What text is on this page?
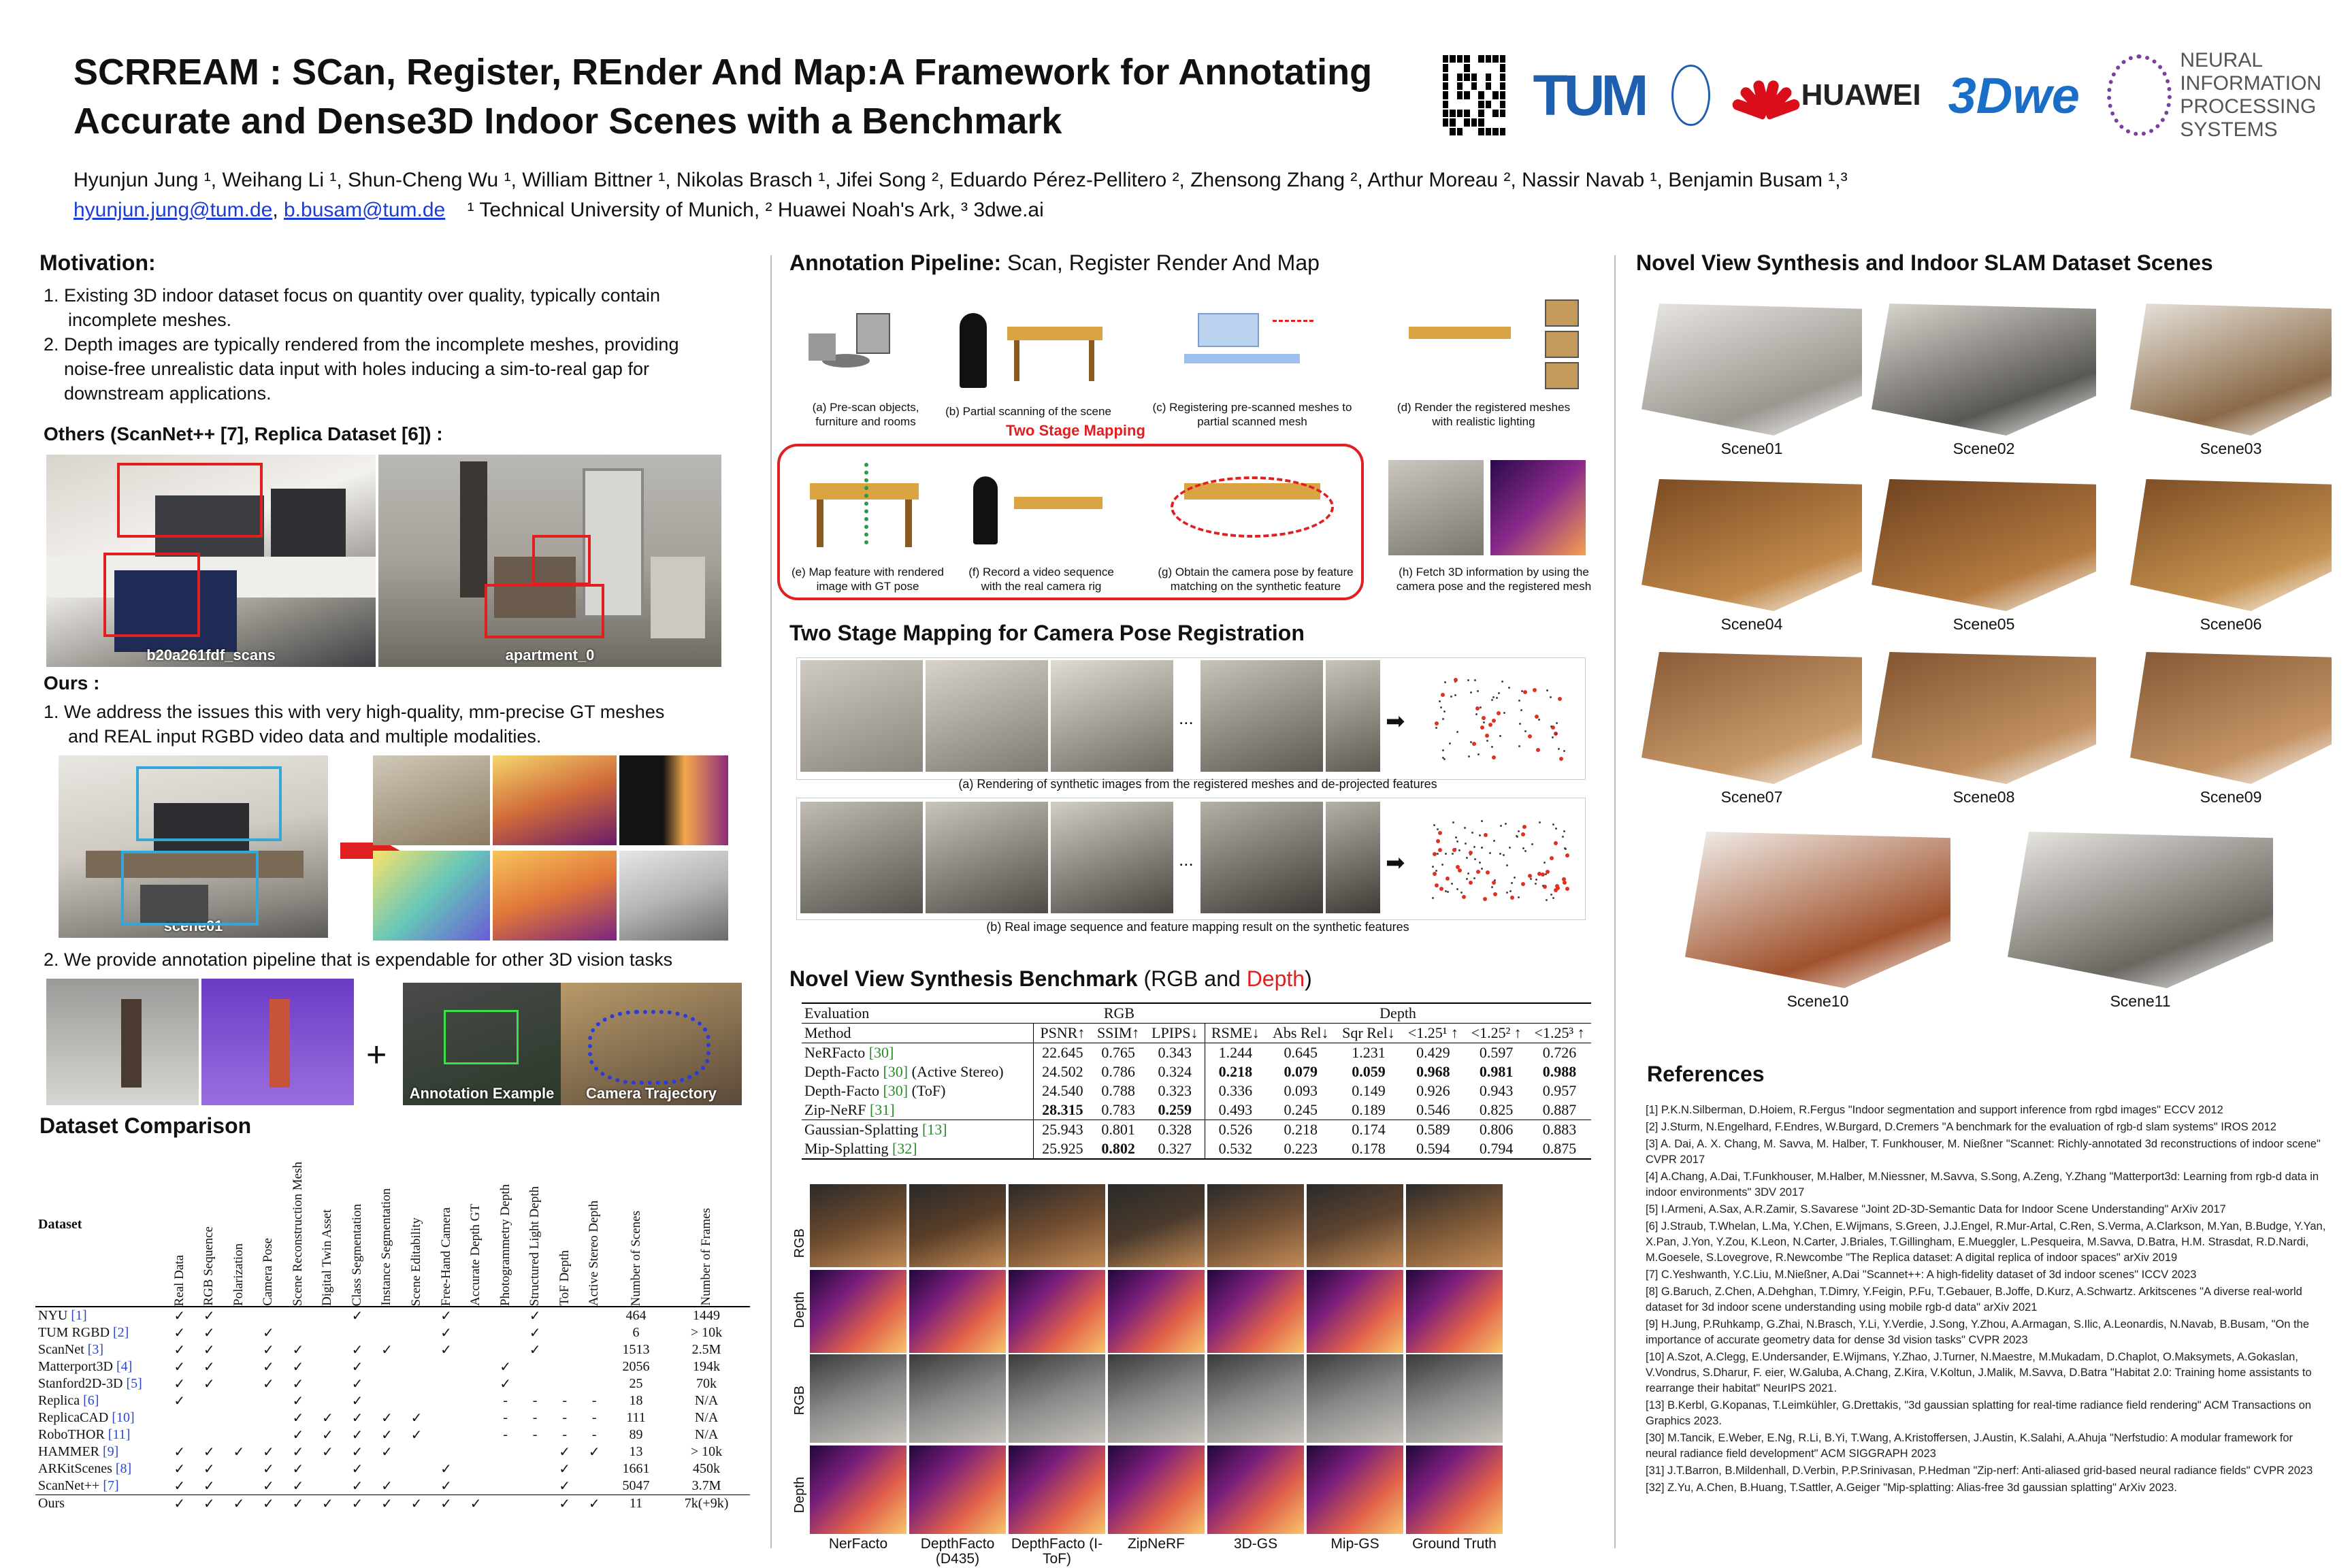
SCRREAM : SCan, Register, REnder And Map:A Framework for Annotating
Accurate and Dense3D Indoor Scenes with a Benchmark
Hyunjun Jung ¹, Weihang Li ¹, Shun-Cheng Wu ¹, William Bittner ¹, Nikolas Brasch ¹, Jifei Song ², Eduardo Pérez-Pellitero ², Zhensong Zhang ², Arthur Moreau ², Nassir Navab ¹, Benjamin Busam ¹,³
hyunjun.jung@tum.de, b.busam@tum.de ¹ Technical University of Munich, ² Huawei Noah's Ark, ³ 3dwe.ai
TUM	HUAWEI 3Dwe
NEURAL INFORMATION
PROCESSING SYSTEMS
Motivation:
1. Existing 3D indoor dataset focus on quantity over quality, typically contain
incomplete meshes.
2. Depth images are typically rendered from the incomplete meshes, providing
noise-free unrealistic data input with holes inducing a sim-to-real gap for
downstream applications.
Others (ScanNet++ [7], Replica Dataset [6]) :
b20a261fdf_scans	apartment_0
Ours :
1. We address the issues this with very high-quality, mm-precise GT meshes
and REAL input RGBD video data and multiple modalities.
scene01
2. We provide annotation pipeline that is expendable for other 3D vision tasks
+
Annotation Example	Camera Trajectory
Dataset Comparison
Dataset	Real Data	RGB Sequence	Polarization	Camera Pose	Scene Reconstruction Mesh	Digital Twin Asset	Class Segmentation	Instance Segmentation	Scene Editability	Free-Hand Camera	Accurate Depth GT	Photogrammetry Depth	Structured Light Depth	ToF Depth	Active Stereo Depth	Number of Scenes	Number of Frames

NYU [1]	✓	✓					✓			✓			✓			464	1449
TUM RGBD [2]	✓	✓		✓						✓			✓			6	> 10k
ScanNet [3]	✓	✓		✓	✓		✓	✓		✓			✓			1513	2.5M
Matterport3D [4]	✓	✓		✓	✓		✓					✓				2056	194k
Stanford2D-3D [5]	✓	✓		✓	✓		✓					✓				25	70k
Replica [6]	✓				✓		✓					-	-	-	-	18	N/A
ReplicaCAD [10]					✓	✓	✓	✓	✓			-	-	-	-	111	N/A
RoboTHOR [11]					✓	✓	✓	✓	✓			-	-	-	-	89	N/A
HAMMER [9]	✓	✓	✓	✓	✓	✓	✓	✓						✓	✓	13	> 10k
ARKitScenes [8]	✓	✓		✓	✓		✓			✓				✓		1661	450k
ScanNet++ [7]	✓	✓		✓	✓		✓	✓		✓				✓		5047	3.7M
Ours	✓	✓	✓	✓	✓	✓	✓	✓	✓	✓	✓			✓	✓	11	7k(+9k)
Annotation Pipeline: Scan, Register Render And Map
(a) Pre-scan objects, furniture and rooms
(b) Partial scanning of the scene	(c) Registering pre-scanned meshes to partial scanned mesh
(d) Render the registered meshes with realistic lighting
Two Stage Mapping
(e) Map feature with rendered image with GT pose
(f) Record a video sequence with the real camera rig
(g) Obtain the camera pose by feature matching on the synthetic feature
(h) Fetch 3D information by using the camera pose and the registered mesh
Two Stage Mapping for Camera Pose Registration
...	➡
(a) Rendering of synthetic images from the registered meshes and de-projected features
...	➡
(b) Real image sequence and feature mapping result on the synthetic features
Novel View Synthesis Benchmark (RGB and Depth)
Evaluation	RGB			Depth					
Method	PSNR↑	SSIM↑	LPIPS↓	RSME↓	Abs Rel↓	Sqr Rel↓	<1.25¹ ↑	<1.25² ↑	<1.25³ ↑
NeRFacto [30]	22.645	0.765	0.343	1.244	0.645	1.231	0.429	0.597	0.726
Depth-Facto [30] (Active Stereo)	24.502	0.786	0.324	0.218	0.079	0.059	0.968	0.981	0.988
Depth-Facto [30] (ToF)	24.540	0.788	0.323	0.336	0.093	0.149	0.926	0.943	0.957
Zip-NeRF [31]	28.315	0.783	0.259	0.493	0.245	0.189	0.546	0.825	0.887
Gaussian-Splatting [13]	25.943	0.801	0.328	0.526	0.218	0.174	0.589	0.806	0.883
Mip-Splatting [32]	25.925	0.802	0.327	0.532	0.223	0.178	0.594	0.794	0.875
RGB
Depth
RGB
Depth
NerFacto	DepthFacto (D435)
DepthFacto (I-ToF)
ZipNeRF	3D-GS	Mip-GS	Ground Truth
Novel View Synthesis and Indoor SLAM Dataset Scenes
Scene01	Scene02	Scene03
Scene04	Scene05	Scene06
Scene07	Scene08	Scene09
Scene10	Scene11
References
[1] P.K.N.Silberman, D.Hoiem, R.Fergus "Indoor segmentation and support inference from rgbd images" ECCV 2012
[2] J.Sturm, N.Engelhard, F.Endres, W.Burgard, D.Cremers "A benchmark for the evaluation of rgb-d slam systems" IROS 2012
[3] A. Dai, A. X. Chang, M. Savva, M. Halber, T. Funkhouser, M. Nießner "Scannet: Richly-annotated 3d reconstructions of indoor scene" CVPR 2017
[4] A.Chang, A.Dai, T.Funkhouser, M.Halber, M.Niessner, M.Savva, S.Song, A.Zeng, Y.Zhang "Matterport3d: Learning from rgb-d data in indoor environments" 3DV 2017
[5] I.Armeni, A.Sax, A.R.Zamir, S.Savarese "Joint 2D-3D-Semantic Data for Indoor Scene Understanding" ArXiv 2017
[6] J.Straub, T.Whelan, L.Ma, Y.Chen, E.Wijmans, S.Green, J.J.Engel, R.Mur-Artal, C.Ren, S.Verma, A.Clarkson, M.Yan, B.Budge, Y.Yan, X.Pan, J.Yon, Y.Zou, K.Leon, N.Carter, J.Briales, T.Gillingham, E.Mueggler, L.Pesqueira, M.Savva, D.Batra, H.M. Strasdat, R.D.Nardi, M.Goesele, S.Lovegrove, R.Newcombe "The Replica dataset: A digital replica of indoor spaces" arXiv 2019
[7] C.Yeshwanth, Y.C.Liu, M.Nießner, A.Dai "Scannet++: A high-fidelity dataset of 3d indoor scenes" ICCV 2023
[8] G.Baruch, Z.Chen, A.Dehghan, T.Dimry, Y.Feigin, P.Fu, T.Gebauer, B.Joffe, D.Kurz, A.Schwartz. Arkitscenes "A diverse real-world dataset for 3d indoor scene understanding using mobile rgb-d data" arXiv 2021
[9] H.Jung, P.Ruhkamp, G.Zhai, N.Brasch, Y.Li, Y.Verdie, J.Song, Y.Zhou, A.Armagan, S.Ilic, A.Leonardis, N.Navab, B.Busam, "On the importance of accurate geometry data for dense 3d vision tasks" CVPR 2023
[10] A.Szot, A.Clegg, E.Undersander, E.Wijmans, Y.Zhao, J.Turner, N.Maestre, M.Mukadam, D.Chaplot, O.Maksymets, A.Gokaslan, V.Vondrus, S.Dharur, F. eier, W.Galuba, A.Chang, Z.Kira, V.Koltun, J.Malik, M.Savva, D.Batra "Habitat 2.0: Training home assistants to rearrange their habitat" NeurIPS 2021.
[13] B.Kerbl, G.Kopanas, T.Leimkühler, G.Drettakis, "3d gaussian splatting for real-time radiance field rendering" ACM Transactions on Graphics 2023.
[30] M.Tancik, E.Weber, E.Ng, R.Li, B.Yi, T.Wang, A.Kristoffersen, J.Austin, K.Salahi, A.Ahuja "Nerfstudio: A modular framework for neural radiance field development" ACM SIGGRAPH 2023
[31] J.T.Barron, B.Mildenhall, D.Verbin, P.P.Srinivasan, P.Hedman "Zip-nerf: Anti-aliased grid-based neural radiance fields" CVPR 2023
[32] Z.Yu, A.Chen, B.Huang, T.Sattler, A.Geiger "Mip-splatting: Alias-free 3d gaussian splatting" ArXiv 2023.
